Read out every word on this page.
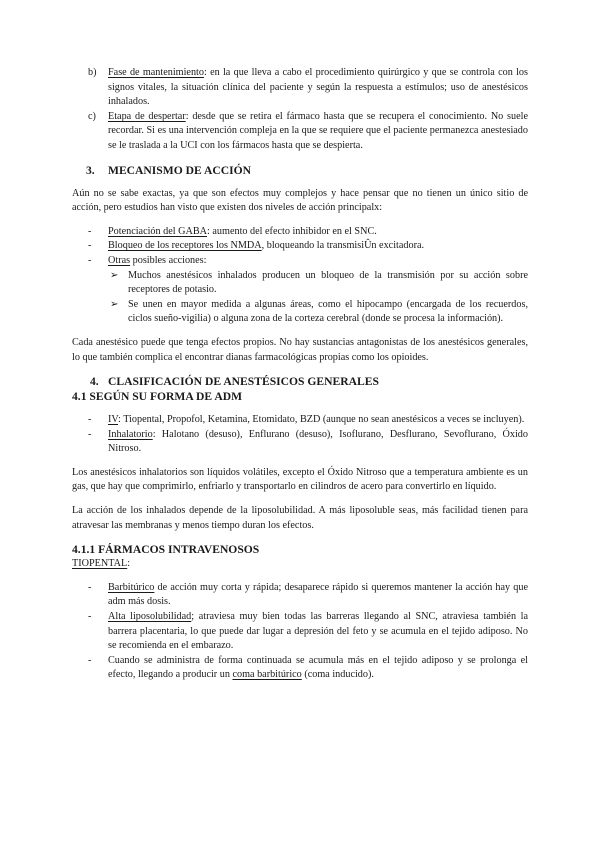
b) Fase de mantenimiento: en la que lleva a cabo el procedimiento quirúrgico y que se controla con los signos vitales, la situación clínica del paciente y según la respuesta a estímulos; uso de anestésicos inhalados.
c) Etapa de despertar: desde que se retira el fármaco hasta que se recupera el conocimiento. No suele recordar. Si es una intervención compleja en la que se requiere que el paciente permanezca anestesiado se le traslada a la UCI con los fármacos hasta que se despierta.
3. MECANISMO DE ACCIÓN

Aún no se sabe exactas, ya que son efectos muy complejos y hace pensar que no tienen un único sitio de acción, pero estudios han visto que existen dos niveles de acción principalx:

- Potenciación del GABA: aumento del efecto inhibidor en el SNC.
- Bloqueo de los receptores los NMDA, bloqueando la transmisiÛn excitadora.
- Otras posibles acciones:
➢ Muchos anestésicos inhalados producen un bloqueo de la transmisión por su acción sobre receptores de potasio.
➢ Se unen en mayor medida a algunas áreas, como el hipocampo (encargada de los recuerdos, ciclos sueño-vigilia) o alguna zona de la corteza cerebral (donde se procesa la información).

Cada anestésico puede que tenga efectos propios. No hay sustancias antagonistas de los anestésicos generales, lo que también complica el encontrar dianas farmacológicas propias como los opioides.

4. CLASIFICACIÓN DE ANESTÉSICOS GENERALES
4.1 SEGÚN SU FORMA DE ADM
- IV: Tiopental, Propofol, Ketamina, Etomidato, BZD (aunque no sean anestésicos a veces se incluyen).
- Inhalatorio: Halotano (desuso), Enflurano (desuso), Isoflurano, Desflurano, Sevoflurano, Óxido Nitroso.

Los anestésicos inhalatorios son líquidos volátiles, excepto el Óxido Nitroso que a temperatura ambiente es un gas, que hay que comprimirlo, enfriarlo y transportarlo en cilindros de acero para convertirlo en líquido.

La acción de los inhalados depende de la liposolubilidad. A más liposoluble seas, más facilidad tienen para atravesar las membranas y menos tiempo duran los efectos.

4.1.1 FÁRMACOS INTRAVENOSOS
TIOPENTAL:
- Barbitúrico de acción muy corta y rápida; desaparece rápido si queremos mantener la acción hay que adm más dosis.
- Alta liposolubilidad; atraviesa muy bien todas las barreras llegando al SNC, atraviesa también la barrera placentaria, lo que puede dar lugar a depresión del feto y se acumula en el tejido adiposo. No se recomienda en el embarazo.
- Cuando se administra de forma continuada se acumula más en el tejido adiposo y se prolonga el efecto, llegando a producir un coma barbitúrico (coma inducido).
